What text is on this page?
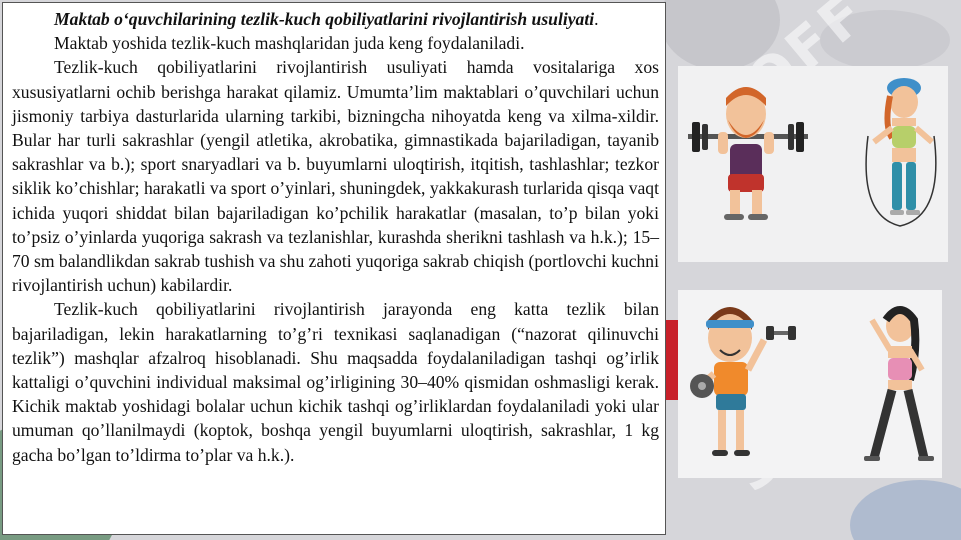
Maktab o‘quvchilarining tezlik-kuch qobiliyatlarini rivojlantirish usuliyati.

Maktab yoshida tezlik-kuch mashqlaridan juda keng foydalaniladi.

Tezlik-kuch qobiliyatlarini rivojlantirish usuliyati hamda vositalariga xos xususiyatlarni ochib berishga harakat qilamiz. Umumta’lim maktablari o’quvchilari uchun jismoniy tarbiya dasturlarida ularning tarkibi, bizningcha nihoyatda keng va xilma-xildir. Bular har turli sakrashlar (yengil atletika, akrobatika, gimnastikada bajariladigan, tayanib sakrashlar va b.); sport snaryadlari va b. buyumlarni uloqtirish, itqitish, tashlashlar; tezkor siklik ko’chishlar; harakatli va sport o’yinlari, shuningdek, yakkakurash turlarida qisqa vaqt ichida yuqori shiddat bilan bajariladigan ko’pchilik harakatlar (masalan, to’p bilan yoki to’psiz o’yinlarda yuqoriga sakrash va tezlanishlar, kurashda sherikni tashlash va h.k.); 15–70 sm balandlikdan sakrab tushish va shu zahoti yuqoriga sakrab chiqish (portlovchi kuchni rivojlantirish uchun) kabilardir.

Tezlik-kuch qobiliyatlarini rivojlantirish jarayonda eng katta tezlik bilan bajariladigan, lekin harakatlarning to’g’ri texnikasi saqlanadigan (“nazorat qilinuvchi tezlik”) mashqlar afzalroq hisoblanadi. Shu maqsadda foydalaniladigan tashqi og’irlik kattaligi o’quvchini individual maksimal og’irligining 30–40% qismidan oshmasligi kerak. Kichik maktab yoshidagi bolalar uchun kichik tashqi og’irliklardan foydalaniladi yoki ular umuman qo’llanilmaydi (koptok, boshqa yengil buyumlarni uloqtirish, sakrashlar, 1 kg gacha bo’lgan to’ldirma to’plar va h.k.).
